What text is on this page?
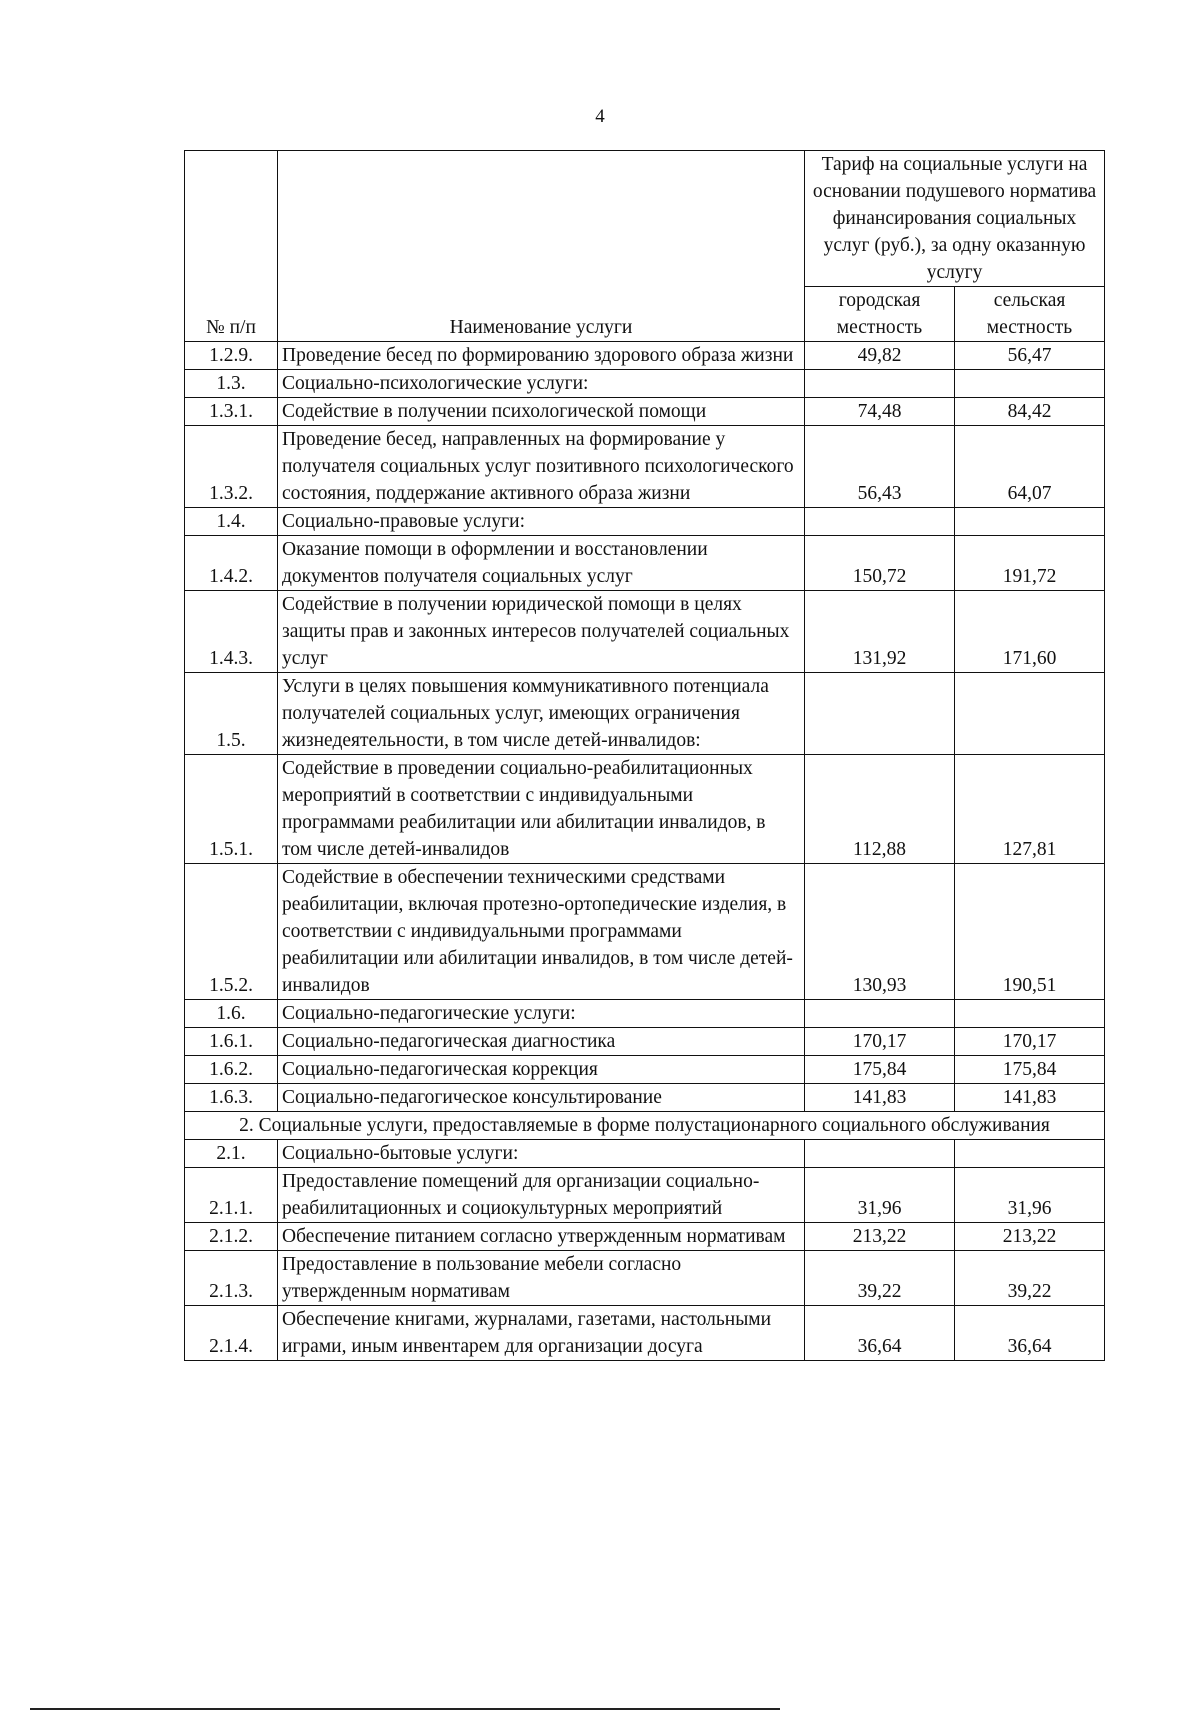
4
№ п/п	Наименование услуги	Тариф на социальные услуги на основании подушевого норматива финансирования социальных услуг (руб.), за одну оказанную услугу	
		городская местность	сельская местность
1.2.9.	Проведение бесед по формированию здорового образа жизни	49,82	56,47
1.3.	Социально-психологические услуги:		
1.3.1.	Содействие в получении психологической помощи	74,48	84,42
1.3.2.	Проведение бесед, направленных на формирование у получателя социальных услуг позитивного психологического состояния, поддержание активного образа жизни	56,43	64,07
1.4.	Социально-правовые услуги:		
1.4.2.	Оказание помощи в оформлении и восстановлении документов получателя социальных услуг	150,72	191,72
1.4.3.	Содействие в получении юридической помощи в целях защиты прав и законных интересов получателей социальных услуг	131,92	171,60
1.5.	Услуги в целях повышения коммуникативного потенциала получателей социальных услуг, имеющих ограничения жизнедеятельности, в том числе детей-инвалидов:		
1.5.1.	Содействие в проведении социально-реабилитационных мероприятий в соответствии с индивидуальными программами реабилитации или абилитации инвалидов, в том числе детей-инвалидов	112,88	127,81
1.5.2.	Содействие в обеспечении техническими средствами реабилитации, включая протезно-ортопедические изделия, в соответствии с индивидуальными программами реабилитации или абилитации инвалидов, в том числе детей-инвалидов	130,93	190,51
1.6.	Социально-педагогические услуги:		
1.6.1.	Социально-педагогическая диагностика	170,17	170,17
1.6.2.	Социально-педагогическая коррекция	175,84	175,84
1.6.3.	Социально-педагогическое консультирование	141,83	141,83
2. Социальные услуги, предоставляемые в форме полустационарного социального обслуживания			
2.1.	Социально-бытовые услуги:		
2.1.1.	Предоставление помещений для организации социально-реабилитационных и социокультурных мероприятий	31,96	31,96
2.1.2.	Обеспечение питанием согласно утвержденным нормативам	213,22	213,22
2.1.3.	Предоставление в пользование мебели согласно утвержденным нормативам	39,22	39,22
2.1.4.	Обеспечение книгами, журналами, газетами, настольными играми, иным инвентарем для организации досуга	36,64	36,64
